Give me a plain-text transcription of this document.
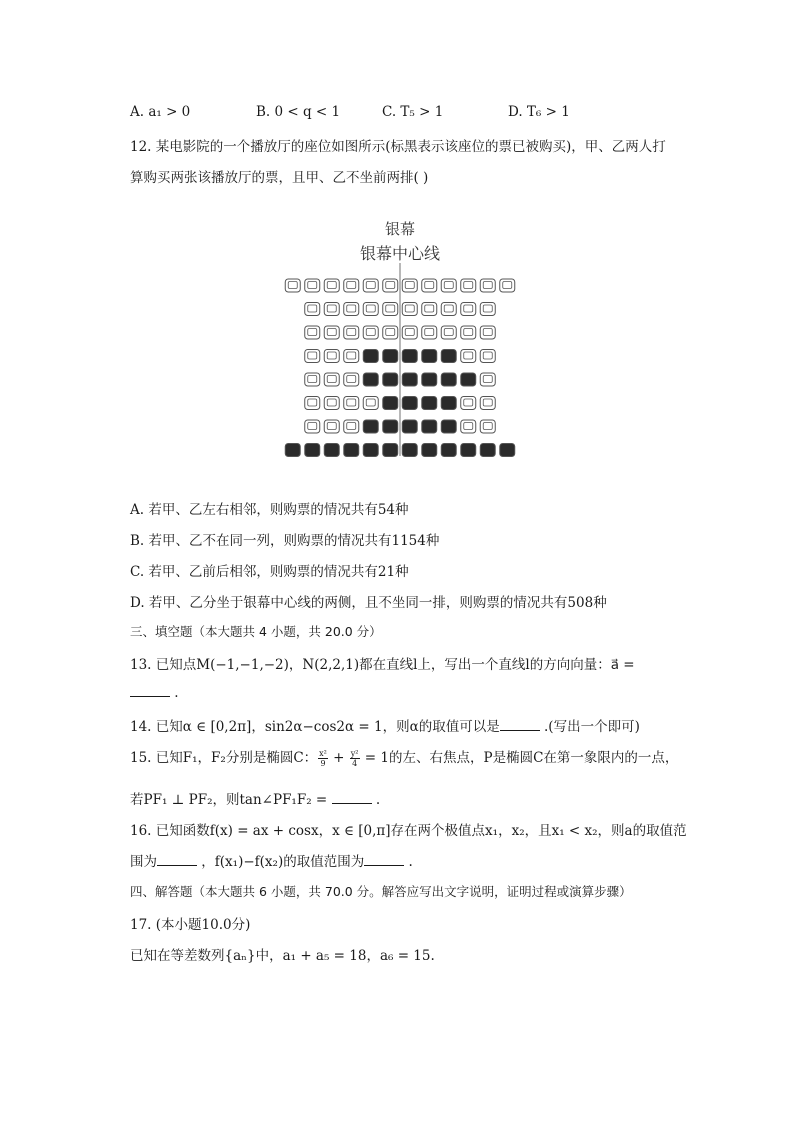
A. a₁ > 0	B. 0 < q < 1	C. T₅ > 1	D. T₆ > 1
12. 某电影院的一个播放厅的座位如图所示(标黑表示该座位的票已被购买)，甲、乙两人打
算购买两张该播放厅的票，且甲、乙不坐前两排( )
银幕
银幕中心线
A. 若甲、乙左右相邻，则购票的情况共有54种
B. 若甲、乙不在同一列，则购票的情况共有1154种
C. 若甲、乙前后相邻，则购票的情况共有21种
D. 若甲、乙分坐于银幕中心线的两侧，且不坐同一排，则购票的情况共有508种
三、填空题（本大题共 4 小题，共 20.0 分）
13. 已知点M(−1,−1,−2)，N(2,2,1)都在直线l上，写出一个直线l的方向向量：a⃗ =
.
14. 已知α ∈ [0,2π]，sin2α−cos2α = 1，则α的取值可以是	.(写出一个即可)
15. 已知F₁，F₂分别是椭圆C： $\frac{\text{x²}}{9} + \frac{\text{y²}}{4} = 1$的左、右焦点，P是椭圆C在第一象限内的一点，
若PF₁ ⊥ PF₂，则tan∠PF₁F₂ =	.
16. 已知函数f(x) = ax + cosx，x ∈ [0,π]存在两个极值点x₁，x₂，且x₁ < x₂，则a的取值范
围为	，f(x₁)−f(x₂)的取值范围为	.
四、解答题（本大题共 6 小题，共 70.0 分。解答应写出文字说明，证明过程或演算步骤）
17. (本小题10.0分)
已知在等差数列{aₙ}中，a₁ + a₅ = 18，a₆ = 15.
